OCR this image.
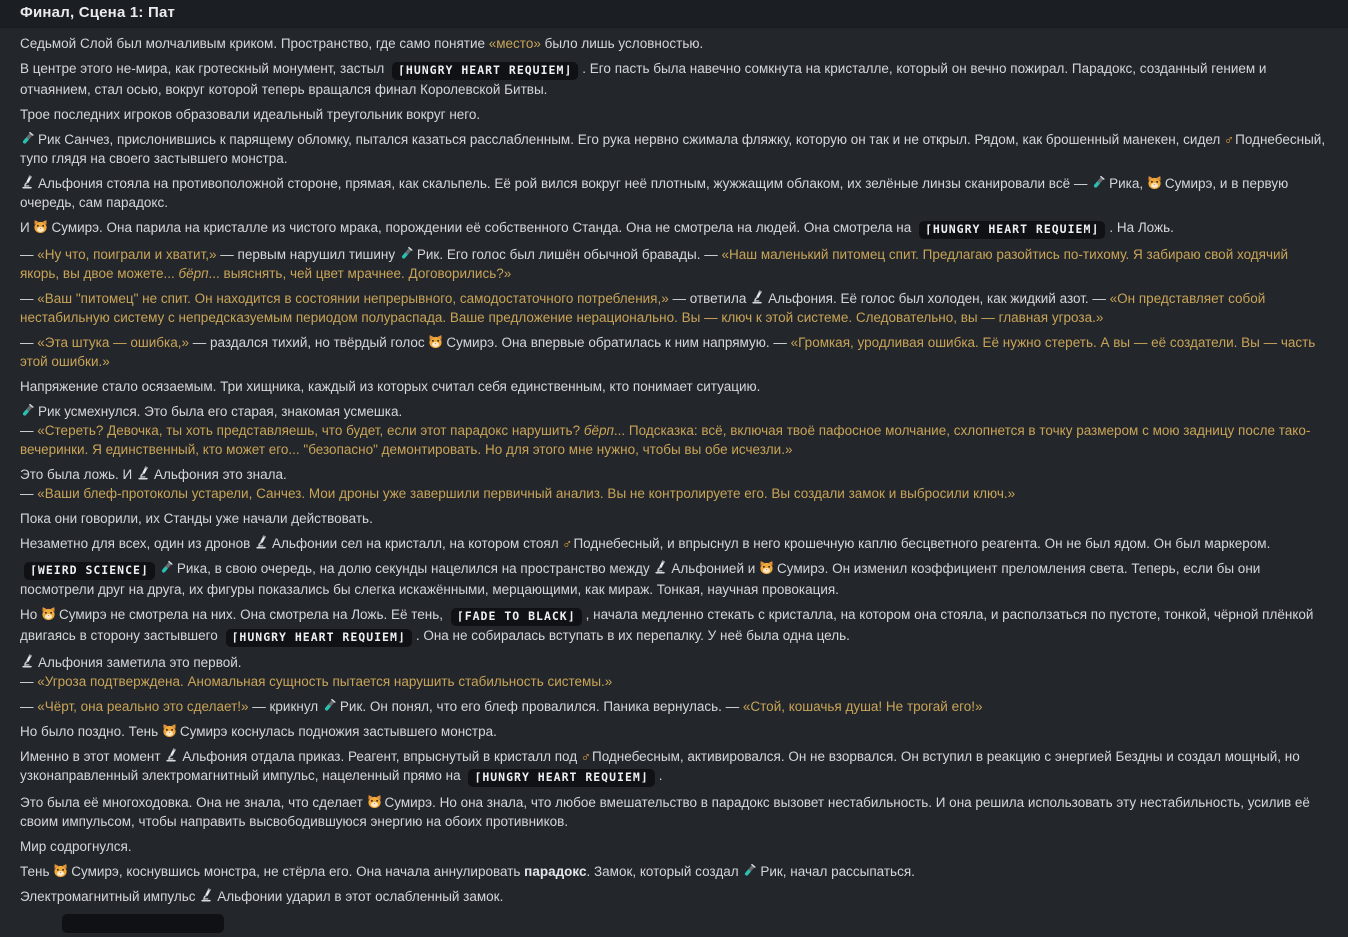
Финал, Сцена 1: Пат

Седьмой Слой был молчаливым криком. Пространство, где само понятие «место» было лишь условностью.

В центре этого не-мира, как гротескный монумент, застыл ⌈HUNGRY HEART REQUIEM⌋ . Его пасть была навечно сомкнута на кристалле, который он вечно пожирал. Парадокс, созданный гением и отчаянием, стал осью, вокруг которой теперь вращался финал Королевской Битвы.

Трое последних игроков образовали идеальный треугольник вокруг него.

Рик Санчез, прислонившись к парящему обломку, пытался казаться расслабленным. Его рука нервно сжимала фляжку, которую он так и не открыл. Рядом, как брошенный манекен, сидел ♂Поднебесный, тупо глядя на своего застывшего монстра.

Альфония стояла на противоположной стороне, прямая, как скальпель. Её рой вился вокруг неё плотным, жужжащим облаком, их зелёные линзы сканировали всё —
Рика,
Сумирэ, и в первую очередь, сам парадокс.

И
Сумирэ. Она парила на кристалле из чистого мрака, порождении её собственного Станда. Она не смотрела на людей. Она смотрела на ⌈HUNGRY HEART REQUIEM⌋ . На Ложь.

— «Ну что, поиграли и хватит,» — первым нарушил тишину
Рик. Его голос был лишён обычной бравады. — «Наш маленький питомец спит. Предлагаю разойтись по-тихому. Я забираю свой ходячий якорь, вы двое можете... бёрп... выяснять, чей цвет мрачнее. Договорились?»

— «Ваш "питомец" не спит. Он находится в состоянии непрерывного, самодостаточного потребления,» — ответила
Альфония. Её голос был холоден, как жидкий азот. — «Он представляет собой нестабильную систему с непредсказуемым периодом полураспада. Ваше предложение нерационально. Вы — ключ к этой системе. Следовательно, вы — главная угроза.»

— «Эта штука — ошибка,» — раздался тихий, но твёрдый голос
Сумирэ. Она впервые обратилась к ним напрямую. — «Громкая, уродливая ошибка. Её нужно стереть. А вы — её создатели. Вы — часть этой ошибки.»

Напряжение стало осязаемым. Три хищника, каждый из которых считал себя единственным, кто понимает ситуацию.

Рик усмехнулся. Это была его старая, знакомая усмешка.
— «Стереть? Девочка, ты хоть представляешь, что будет, если этот парадокс нарушить? бёрп... Подсказка: всё, включая твоё пафосное молчание, схлопнется в точку размером с мою задницу после тако-вечеринки. Я единственный, кто может его... "безопасно" демонтировать. Но для этого мне нужно, чтобы вы обе исчезли.»

Это была ложь. И
Альфония это знала.
— «Ваши блеф-протоколы устарели, Санчез. Мои дроны уже завершили первичный анализ. Вы не контролируете его. Вы создали замок и выбросили ключ.»

Пока они говорили, их Станды уже начали действовать.

Незаметно для всех, один из дронов
Альфонии сел на кристалл, на котором стоял ♂Поднебесный, и впрыснул в него крошечную каплю бесцветного реагента. Он не был ядом. Он был маркером.

⌈WEIRD SCIENCE⌋ Рика, в свою очередь, на долю секунды нацелился на пространство между
Альфонией и
Сумирэ. Он изменил коэффициент преломления света. Теперь, если бы они посмотрели друг на друга, их фигуры показались бы слегка искажёнными, мерцающими, как мираж. Тонкая, научная провокация.

Но
Сумирэ не смотрела на них. Она смотрела на Ложь. Её тень, ⌈FADE TO BLACK⌋ , начала медленно стекать с кристалла, на котором она стояла, и расползаться по пустоте, тонкой, чёрной плёнкой двигаясь в сторону застывшего ⌈HUNGRY HEART REQUIEM⌋ . Она не собиралась вступать в их перепалку. У неё была одна цель.

Альфония заметила это первой.
— «Угроза подтверждена. Аномальная сущность пытается нарушить стабильность системы.»

— «Чёрт, она реально это сделает!» — крикнул
Рик. Он понял, что его блеф провалился. Паника вернулась. — «Стой, кошачья душа! Не трогай его!»

Но было поздно. Тень
Сумирэ коснулась подножия застывшего монстра.

Именно в этот момент
Альфония отдала приказ. Реагент, впрыснутый в кристалл под ♂Поднебесным, активировался. Он не взорвался. Он вступил в реакцию с энергией Бездны и создал мощный, но узконаправленный электромагнитный импульс, нацеленный прямо на ⌈HUNGRY HEART REQUIEM⌋ .

Это была её многоходовка. Она не знала, что сделает
Сумирэ. Но она знала, что любое вмешательство в парадокс вызовет нестабильность. И она решила использовать эту нестабильность, усилив её своим импульсом, чтобы направить высвободившуюся энергию на обоих противников.

Мир содрогнулся.

Тень
Сумирэ, коснувшись монстра, не стёрла его. Она начала аннулировать парадокс. Замок, который создал
Рик, начал рассыпаться.

Электромагнитный импульс
Альфонии ударил в этот ослабленный замок.
